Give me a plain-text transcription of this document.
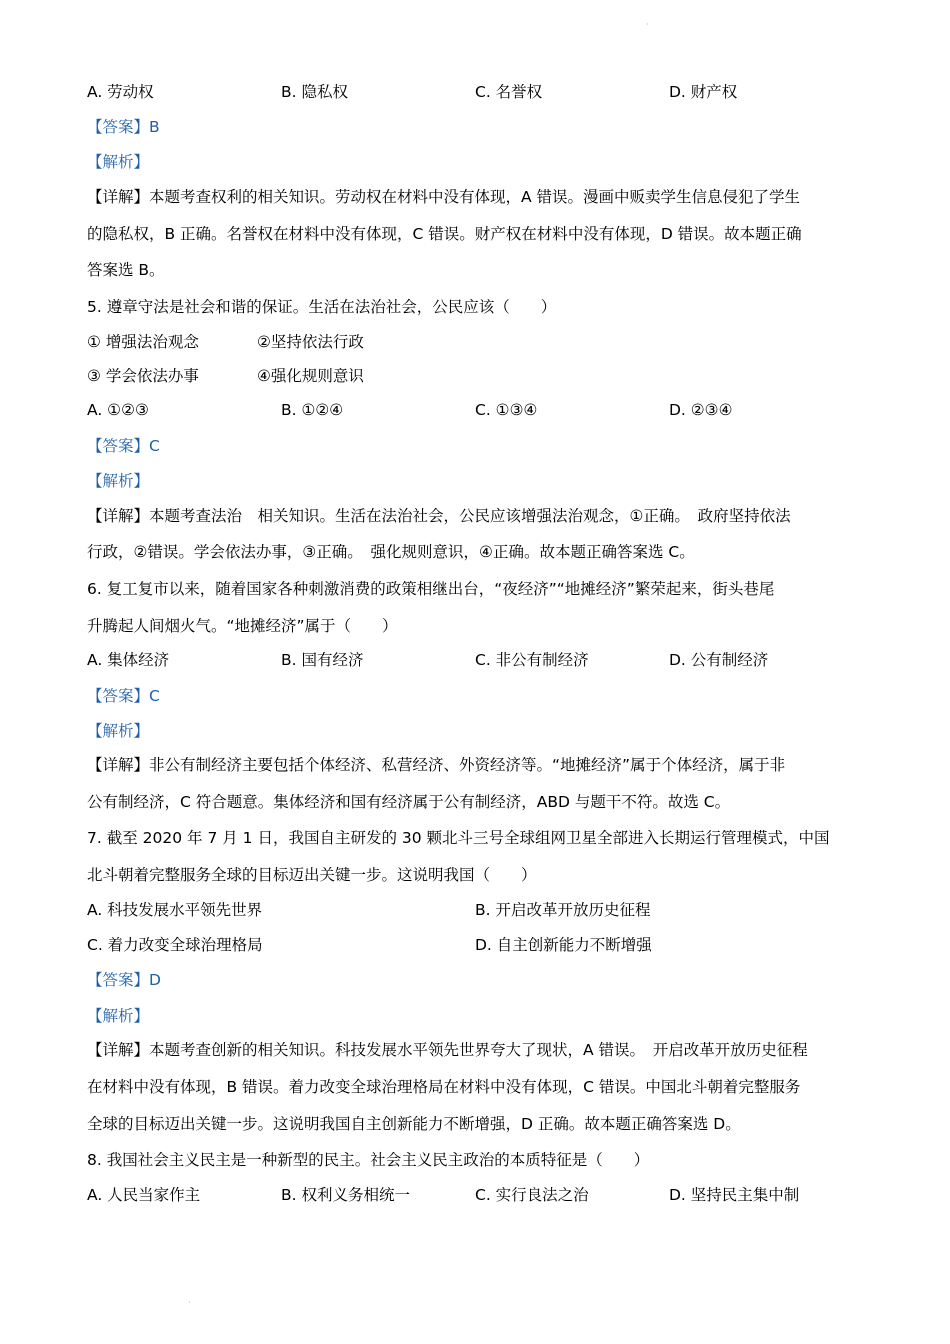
·
A. 劳动权	B. 隐私权	C. 名誉权	D. 财产权
【答案】B
【解析】
【详解】本题考查权利的相关知识。劳动权在材料中没有体现，A 错误。漫画中贩卖学生信息侵犯了学生
的隐私权，B 正确。名誉权在材料中没有体现，C 错误。财产权在材料中没有体现，D 错误。故本题正确
答案选 B。
5. 遵章守法是社会和谐的保证。生活在法治社会，公民应该（　　）
① 增强法治观念	②坚持依法行政
③ 学会依法办事	④强化规则意识
A. ①②③	B. ①②④	C. ①③④	D. ②③④
【答案】C
【解析】
【详解】本题考查法治　相关知识。生活在法治社会，公民应该增强法治观念，①正确。　政府坚持依法
行政，②错误。学会依法办事，③正确。　强化规则意识，④正确。故本题正确答案选 C。
6. 复工复市以来，随着国家各种刺激消费的政策相继出台，“夜经济”“地摊经济”繁荣起来，街头巷尾
升腾起人间烟火气。“地摊经济”属于（　　）
A. 集体经济	B. 国有经济	C. 非公有制经济	D. 公有制经济
【答案】C
【解析】
【详解】非公有制经济主要包括个体经济、私营经济、外资经济等。“地摊经济”属于个体经济，属于非
公有制经济，C 符合题意。集体经济和国有经济属于公有制经济，ABD 与题干不符。故选 C。
7. 截至 2020 年 7 月 1 日，我国自主研发的 30 颗北斗三号全球组网卫星全部进入长期运行管理模式，中国
北斗朝着完整服务全球的目标迈出关键一步。这说明我国（　　）
A. 科技发展水平领先世界	B. 开启改革开放历史征程
C. 着力改变全球治理格局	D. 自主创新能力不断增强
【答案】D
【解析】
【详解】本题考查创新的相关知识。科技发展水平领先世界夸大了现状，A 错误。　开启改革开放历史征程
在材料中没有体现，B 错误。着力改变全球治理格局在材料中没有体现，C 错误。中国北斗朝着完整服务
全球的目标迈出关键一步。这说明我国自主创新能力不断增强，D 正确。故本题正确答案选 D。
8. 我国社会主义民主是一种新型的民主。社会主义民主政治的本质特征是（　　）
A. 人民当家作主	B. 权利义务相统一	C. 实行良法之治	D. 坚持民主集中制
·
